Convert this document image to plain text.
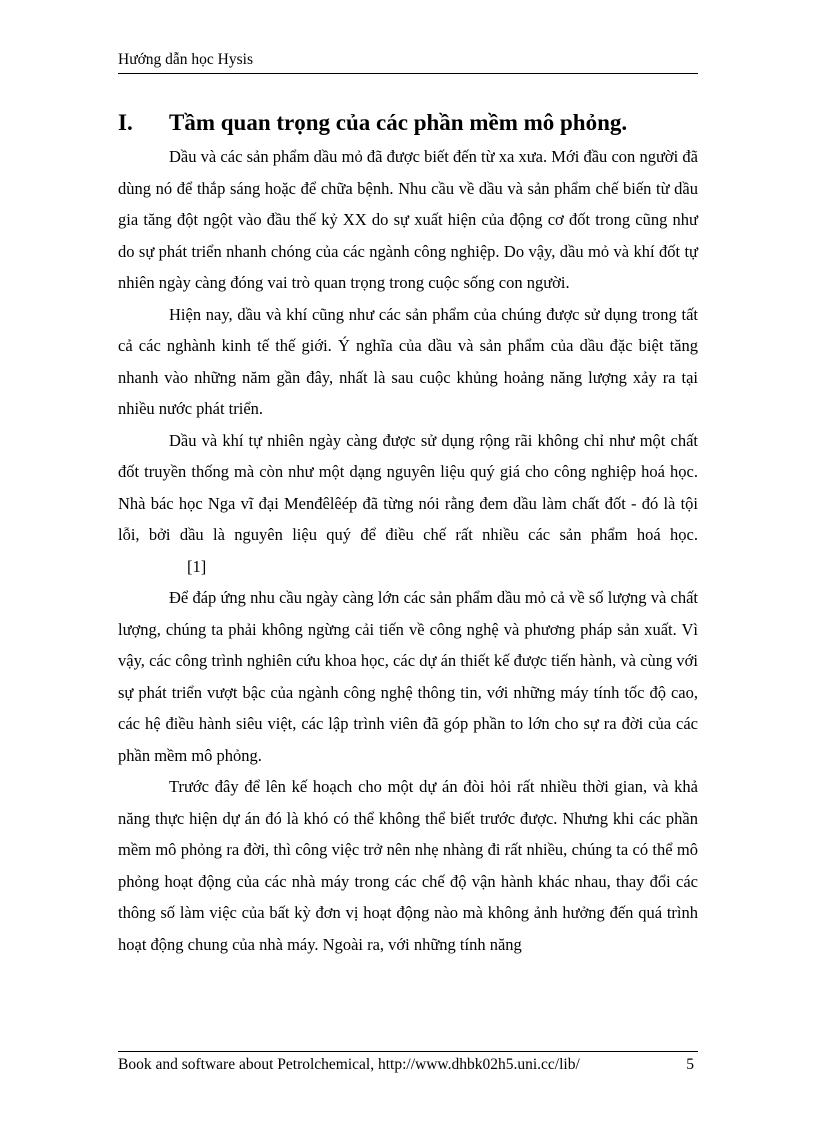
Hướng dẫn học Hysis
I. Tầm quan trọng của các phần mềm mô phỏng.

Dầu và các sản phẩm dầu mỏ đã được biết đến từ xa xưa. Mới đầu con người đã dùng nó để thắp sáng hoặc để chữa bệnh. Nhu cầu về dầu và sản phẩm chế biến từ dầu gia tăng đột ngột vào đầu thế kỷ XX do sự xuất hiện của động cơ đốt trong cũng như do sự phát triển nhanh chóng của các ngành công nghiệp. Do vậy, dầu mỏ và khí đốt tự nhiên ngày càng đóng vai trò quan trọng trong cuộc sống con người.

Hiện nay, dầu và khí cũng như các sản phẩm của chúng được sử dụng trong tất cả các nghành kinh tế thế giới. Ý nghĩa của dầu và sản phẩm của dầu đặc biệt tăng nhanh vào những năm gần đây, nhất là sau cuộc khủng hoảng năng lượng xảy ra tại nhiều nước phát triển.

Dầu và khí tự nhiên ngày càng được sử dụng rộng rãi không chỉ như một chất đốt truyền thống mà còn như một dạng nguyên liệu quý giá cho công nghiệp hoá học. Nhà bác học Nga vĩ đại Menđêlêép đã từng nói rằng đem dầu làm chất đốt - đó là tội lỗi, bởi dầu là nguyên liệu quý để điều chế rất nhiều các sản phẩm hoá học.[1]

Để đáp ứng nhu cầu ngày càng lớn các sản phẩm dầu mỏ cả về số lượng và chất lượng, chúng ta phải không ngừng cải tiến về công nghệ và phương pháp sản xuất. Vì vậy, các công trình nghiên cứu khoa học, các dự án thiết kế được tiến hành, và cùng với sự phát triển vượt bậc của ngành công nghệ thông tin, với những máy tính tốc độ cao, các hệ điều hành siêu việt, các lập trình viên đã góp phần to lớn cho sự ra đời của các phần mềm mô phỏng.

Trước đây để lên kế hoạch cho một dự án đòi hỏi rất nhiều thời gian, và khả năng thực hiện dự án đó là khó có thể không thể biết trước được. Nhưng khi các phần mềm mô phỏng ra đời, thì công việc trở nên nhẹ nhàng đi rất nhiều, chúng ta có thể mô phỏng hoạt động của các nhà máy trong các chế độ vận hành khác nhau, thay đổi các thông số làm việc của bất kỳ đơn vị hoạt động nào mà không ảnh hưởng đến quá trình hoạt động chung của nhà máy. Ngoài ra, với những tính năng

Book and software about Petrolchemical, http://www.dhbk02h5.uni.cc/lib/	5
